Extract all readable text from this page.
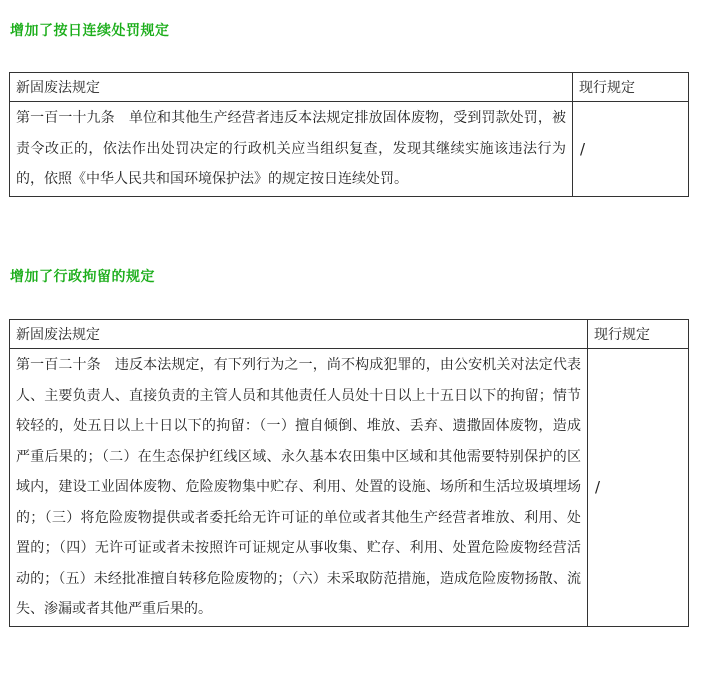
增加了按日连续处罚规定
新固废法规定	现行规定
第一百一十九条　单位和其他生产经营者违反本法规定排放固体废物，受到罚款处罚，被责令改正的，依法作出处罚决定的行政机关应当组织复查，发现其继续实施该违法行为的，依照《中华人民共和国环境保护法》的规定按日连续处罚。	/
增加了行政拘留的规定
新固废法规定	现行规定
第一百二十条　违反本法规定，有下列行为之一，尚不构成犯罪的，由公安机关对法定代表人、主要负责人、直接负责的主管人员和其他责任人员处十日以上十五日以下的拘留；情节较轻的，处五日以上十日以下的拘留：（一）擅自倾倒、堆放、丢弃、遗撒固体废物，造成严重后果的；（二）在生态保护红线区域、永久基本农田集中区域和其他需要特别保护的区域内，建设工业固体废物、危险废物集中贮存、利用、处置的设施、场所和生活垃圾填埋场的；（三）将危险废物提供或者委托给无许可证的单位或者其他生产经营者堆放、利用、处置的；（四）无许可证或者未按照许可证规定从事收集、贮存、利用、处置危险废物经营活动的；（五）未经批准擅自转移危险废物的；（六）未采取防范措施，造成危险废物扬散、流失、渗漏或者其他严重后果的。	/
